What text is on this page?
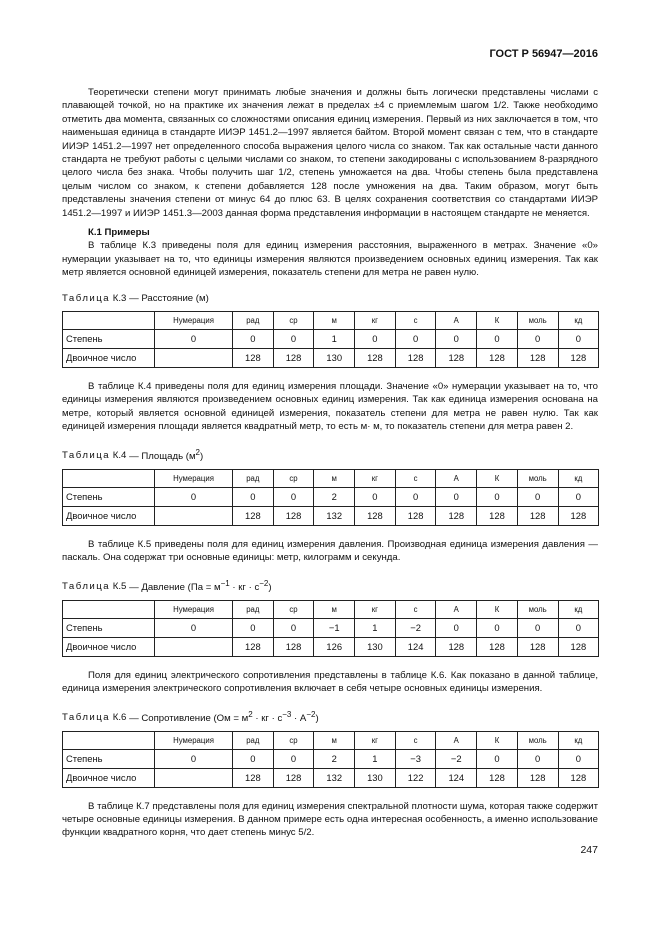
ГОСТ Р 56947—2016

Теоретически степени могут принимать любые значения и должны быть логически представлены числами с плавающей точкой, но на практике их значения лежат в пределах ±4 с приемлемым шагом 1/2. Также необходимо отметить два момента, связанных со сложностями описания единиц измерения. Первый из них заключается в том, что наименьшая единица в стандарте ИИЭР 1451.2—1997 является байтом. Второй момент связан с тем, что в стандарте ИИЭР 1451.2—1997 нет определенного способа выражения целого числа со знаком. Так как остальные части данного стандарта не требуют работы с целыми числами со знаком, то степени закодированы с использованием 8-разрядного целого числа без знака. Чтобы получить шаг 1/2, степень умножается на два. Чтобы степень была представлена целым числом со знаком, к степени добавляется 128 после умножения на два. Таким образом, могут быть представлены значения степени от минус 64 до плюс 63. В целях сохранения соответствия со стандартами ИИЭР 1451.2—1997 и ИИЭР 1451.3—2003 данная форма представления информации в настоящем стандарте не меняется.

К.1 Примеры

В таблице К.3 приведены поля для единиц измерения расстояния, выраженного в метрах. Значение «0» нумерации указывает на то, что единицы измерения являются произведением основных единиц измерения. Так как метр является основной единицей измерения, показатель степени для метра не равен нулю.

Таблица К.3 — Расстояние (м)
	Нумерация	рад	ср	м	кг	с	А	К	моль	кд
Степень	0	0	0	1	0	0	0	0	0	0
Двоичное число		128	128	130	128	128	128	128	128	128

В таблице К.4 приведены поля для единиц измерения площади. Значение «0» нумерации указывает на то, что единицы измерения являются произведением основных единиц измерения. Так как единица измерения основана на метре, который является основной единицей измерения, показатель степени для метра не равен нулю. Так как единицей измерения площади является квадратный метр, то есть м· м, то показатель степени для метра равен 2.

Таблица К.4 — Площадь $(м^2)$
	Нумерация	рад	ср	м	кг	с	А	К	моль	кд
Степень	0	0	0	2	0	0	0	0	0	0
Двоичное число		128	128	132	128	128	128	128	128	128

В таблице К.5 приведены поля для единиц измерения давления. Производная единица измерения давления — паскаль. Она содержат три основные единицы: метр, килограмм и секунда.

Таблица К.5 — Давление ($Па = м^{-1}$ · кг · $с^{-2}$)
	Нумерация	рад	ср	м	кг	с	А	К	моль	кд
Степень	0	0	0	−1	1	−2	0	0	0	0
Двоичное число		128	128	126	130	124	128	128	128	128

Поля для единиц электрического сопротивления представлены в таблице К.6. Как показано в данной таблице, единица измерения электрического сопротивления включает в себя четыре основных единицы измерения.

Таблица К.6 — Сопротивление ($Ом = м^2$ · кг · $с^{-3} \cdot А^{-2}$)
	Нумерация	рад	ср	м	кг	с	А	К	моль	кд
Степень	0	0	0	2	1	−3	−2	0	0	0
Двоичное число		128	128	132	130	122	124	128	128	128

В таблице К.7 представлены поля для единиц измерения спектральной плотности шума, которая также содержит четыре основные единицы измерения. В данном примере есть одна интересная особенность, а именно использование функции квадратного корня, что дает степень минус 5/2.

247
